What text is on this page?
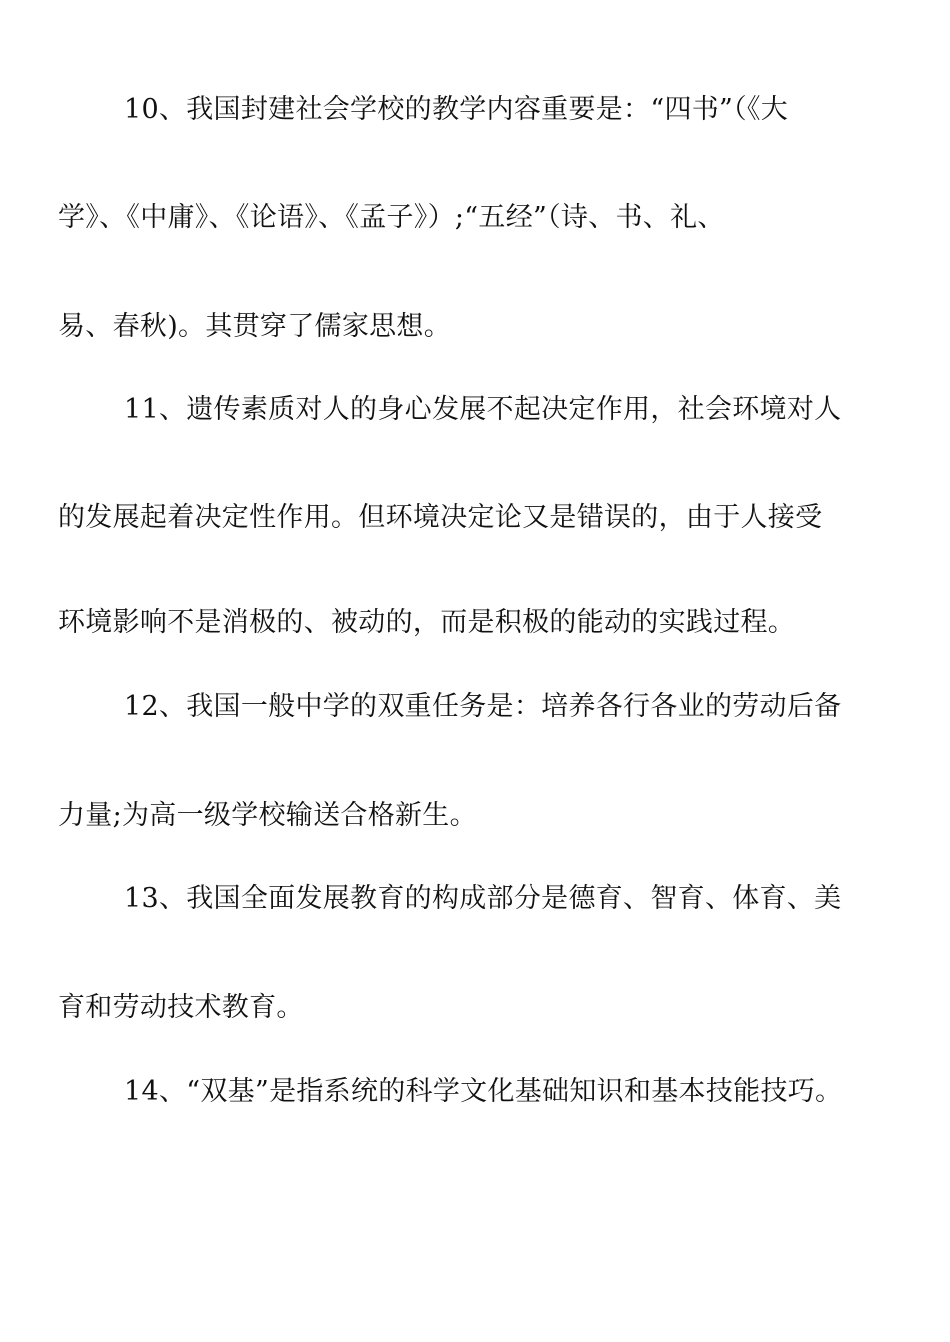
10、我国封建社会学校的教学内容重要是：“四书”（《大
学》、《中庸》、《论语》、《孟子》）;“五经”（诗、书、礼、
易、春秋)。其贯穿了儒家思想。
11、遗传素质对人的身心发展不起决定作用，社会环境对人
的发展起着决定性作用。但环境决定论又是错误的，由于人接受
环境影响不是消极的、被动的，而是积极的能动的实践过程。
12、我国一般中学的双重任务是：培养各行各业的劳动后备
力量;为高一级学校输送合格新生。
13、我国全面发展教育的构成部分是德育、智育、体育、美
育和劳动技术教育。
14、“双基”是指系统的科学文化基础知识和基本技能技巧。
